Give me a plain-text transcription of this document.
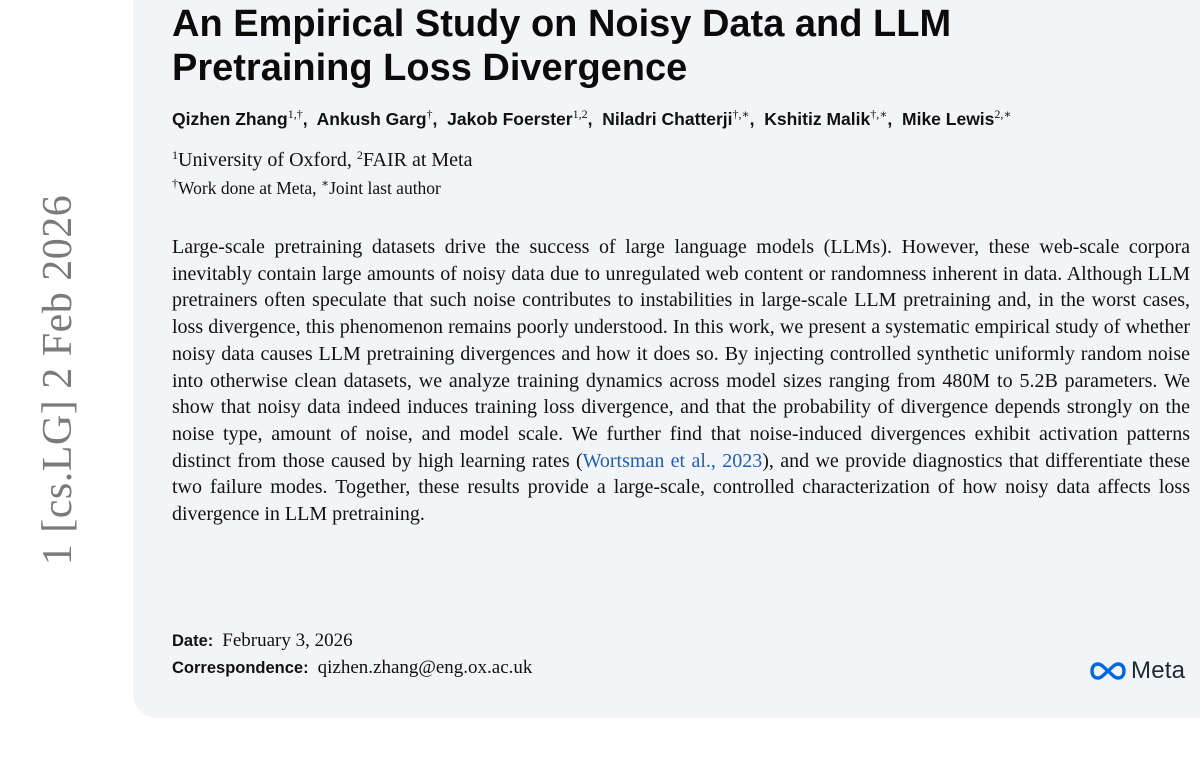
1 [cs.LG] 2 Feb 2026
An Empirical Study on Noisy Data and LLM Pretraining Loss Divergence
Qizhen Zhang$^{1,\dagger}$,  Ankush Garg†,  Jakob Foerster$^{1,2}$,  Niladri Chatterji†,∗,  Kshitiz Malik†,∗,  Mike Lewis$^{2,∗}$
$^1$University of Oxford, $^2$FAIR at Meta
†Work done at Meta, ∗Joint last author

Large-scale pretraining datasets drive the success of large language models (LLMs). However, these web-scale corpora inevitably contain large amounts of noisy data due to unregulated web content or randomness inherent in data. Although LLM pretrainers often speculate that such noise contributes to instabilities in large-scale LLM pretraining and, in the worst cases, loss divergence, this phenomenon remains poorly understood. In this work, we present a systematic empirical study of whether noisy data causes LLM pretraining divergences and how it does so. By injecting controlled synthetic uniformly random noise into otherwise clean datasets, we analyze training dynamics across model sizes ranging from 480M to 5.2B parameters. We show that noisy data indeed induces training loss divergence, and that the probability of divergence depends strongly on the noise type, amount of noise, and model scale. We further find that noise-induced divergences exhibit activation patterns distinct from those caused by high learning rates (Wortsman et al., 2023), and we provide diagnostics that differentiate these two failure modes. Together, these results provide a large-scale, controlled characterization of how noisy data affects loss divergence in LLM pretraining.

Date: February 3, 2026
Correspondence: qizhen.zhang@eng.ox.ac.uk	Meta
